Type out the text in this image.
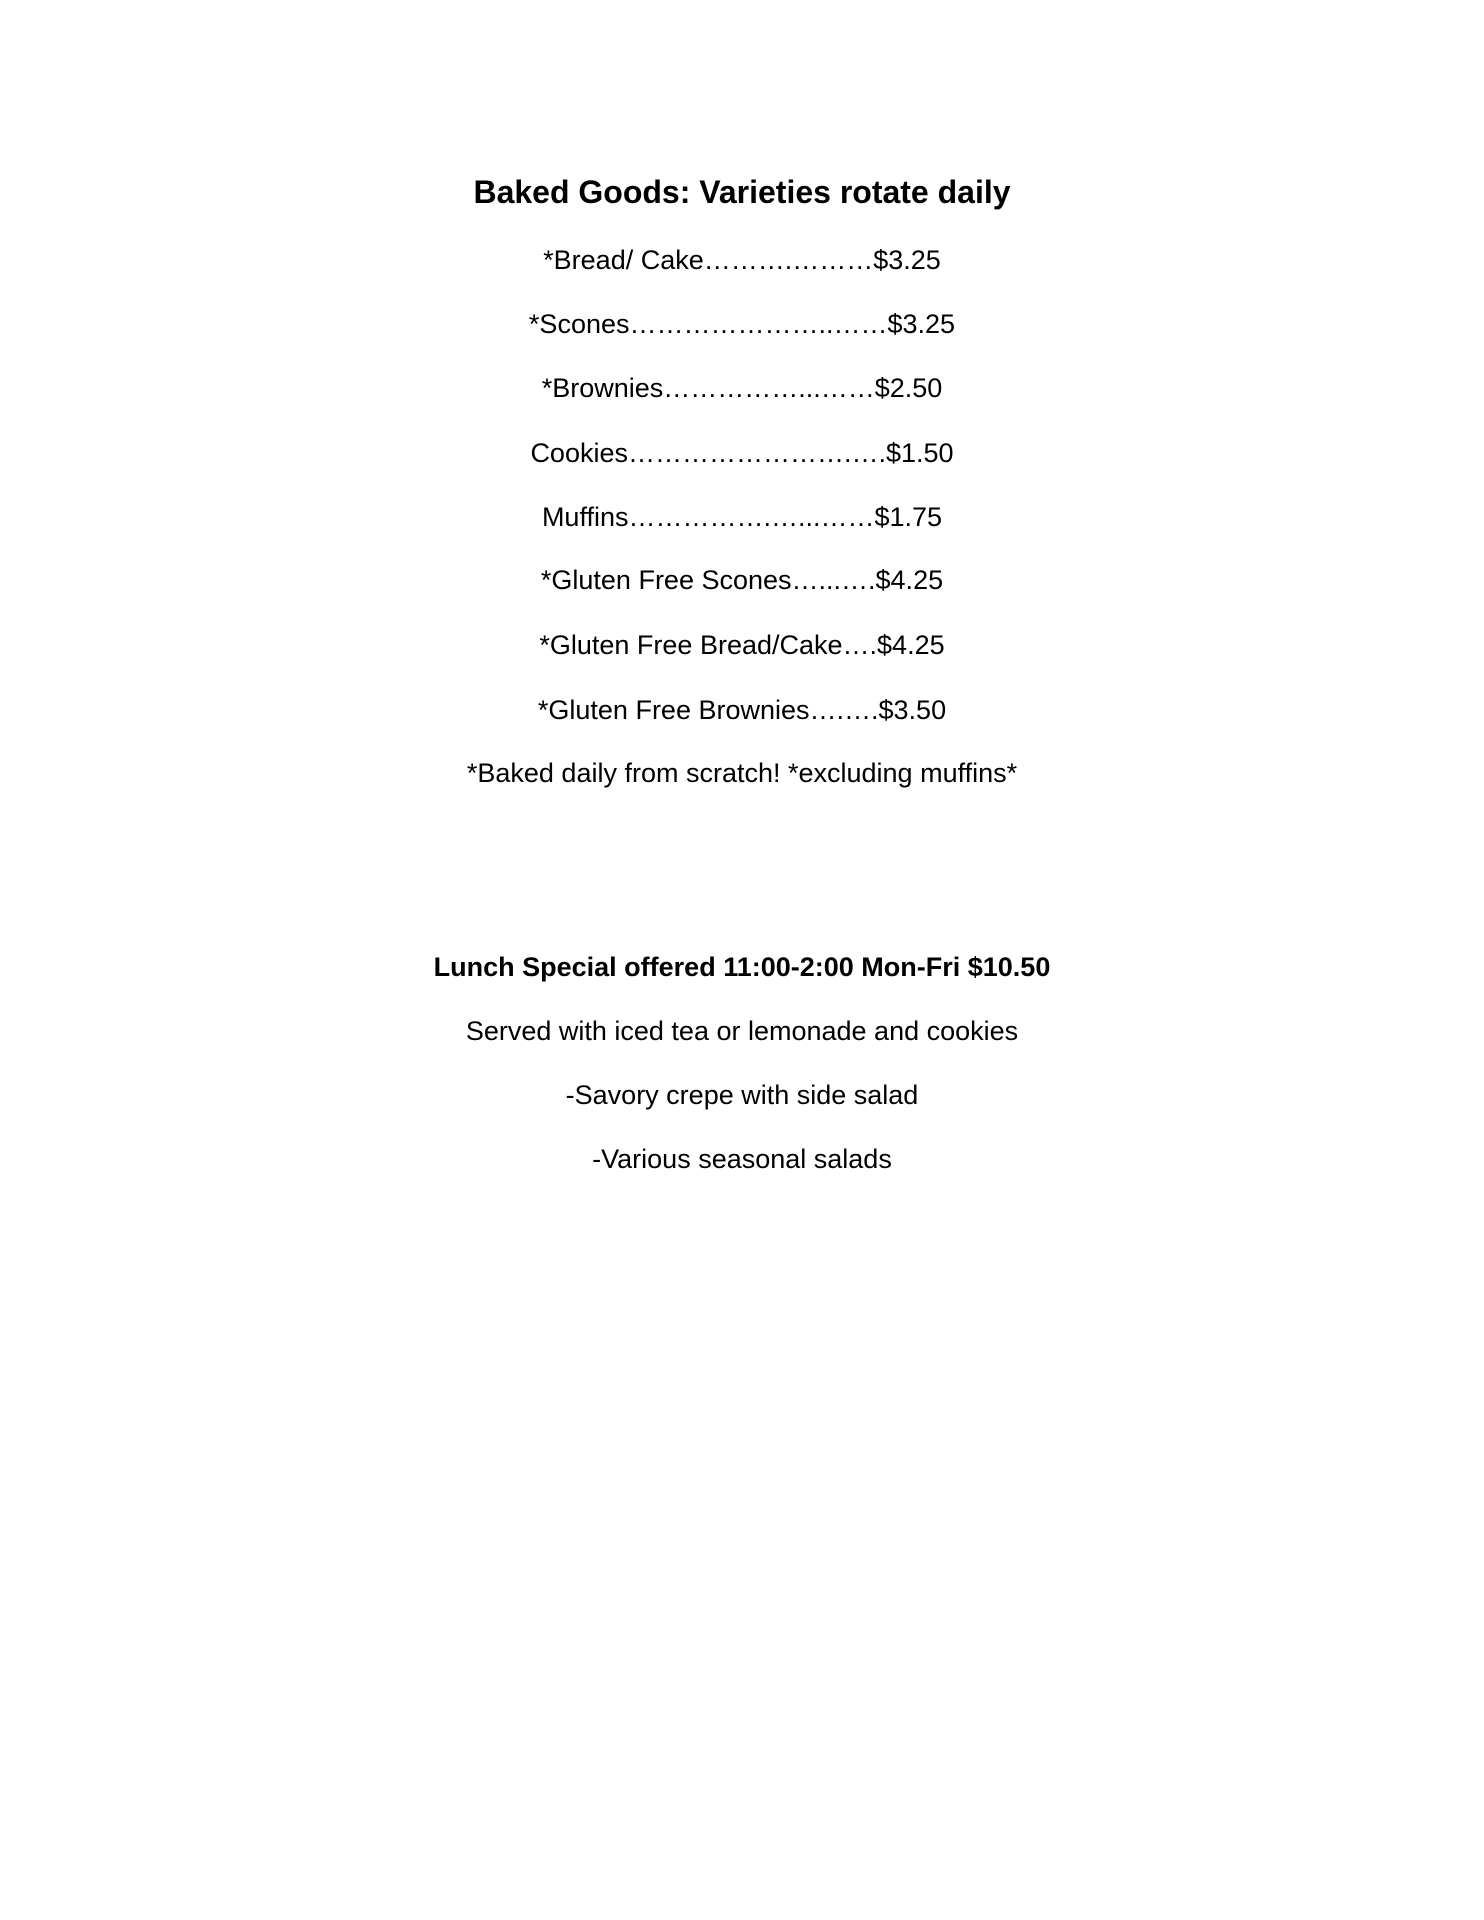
Baked Goods: Varieties rotate daily
*Bread/ Cake……….………$3.25
*Scones…………………..……$3.25
*Brownies……………...……$2.50
Cookies…………………….….$1.50
Muffins…………….…...……$1.75
*Gluten Free Scones…...….$4.25
*Gluten Free Bread/Cake….$4.25
*Gluten Free Brownies….….$3.50
*Baked daily from scratch! *excluding muffins*
Lunch Special offered 11:00-2:00 Mon-Fri $10.50
Served with iced tea or lemonade and cookies
-Savory crepe with side salad
-Various seasonal salads
